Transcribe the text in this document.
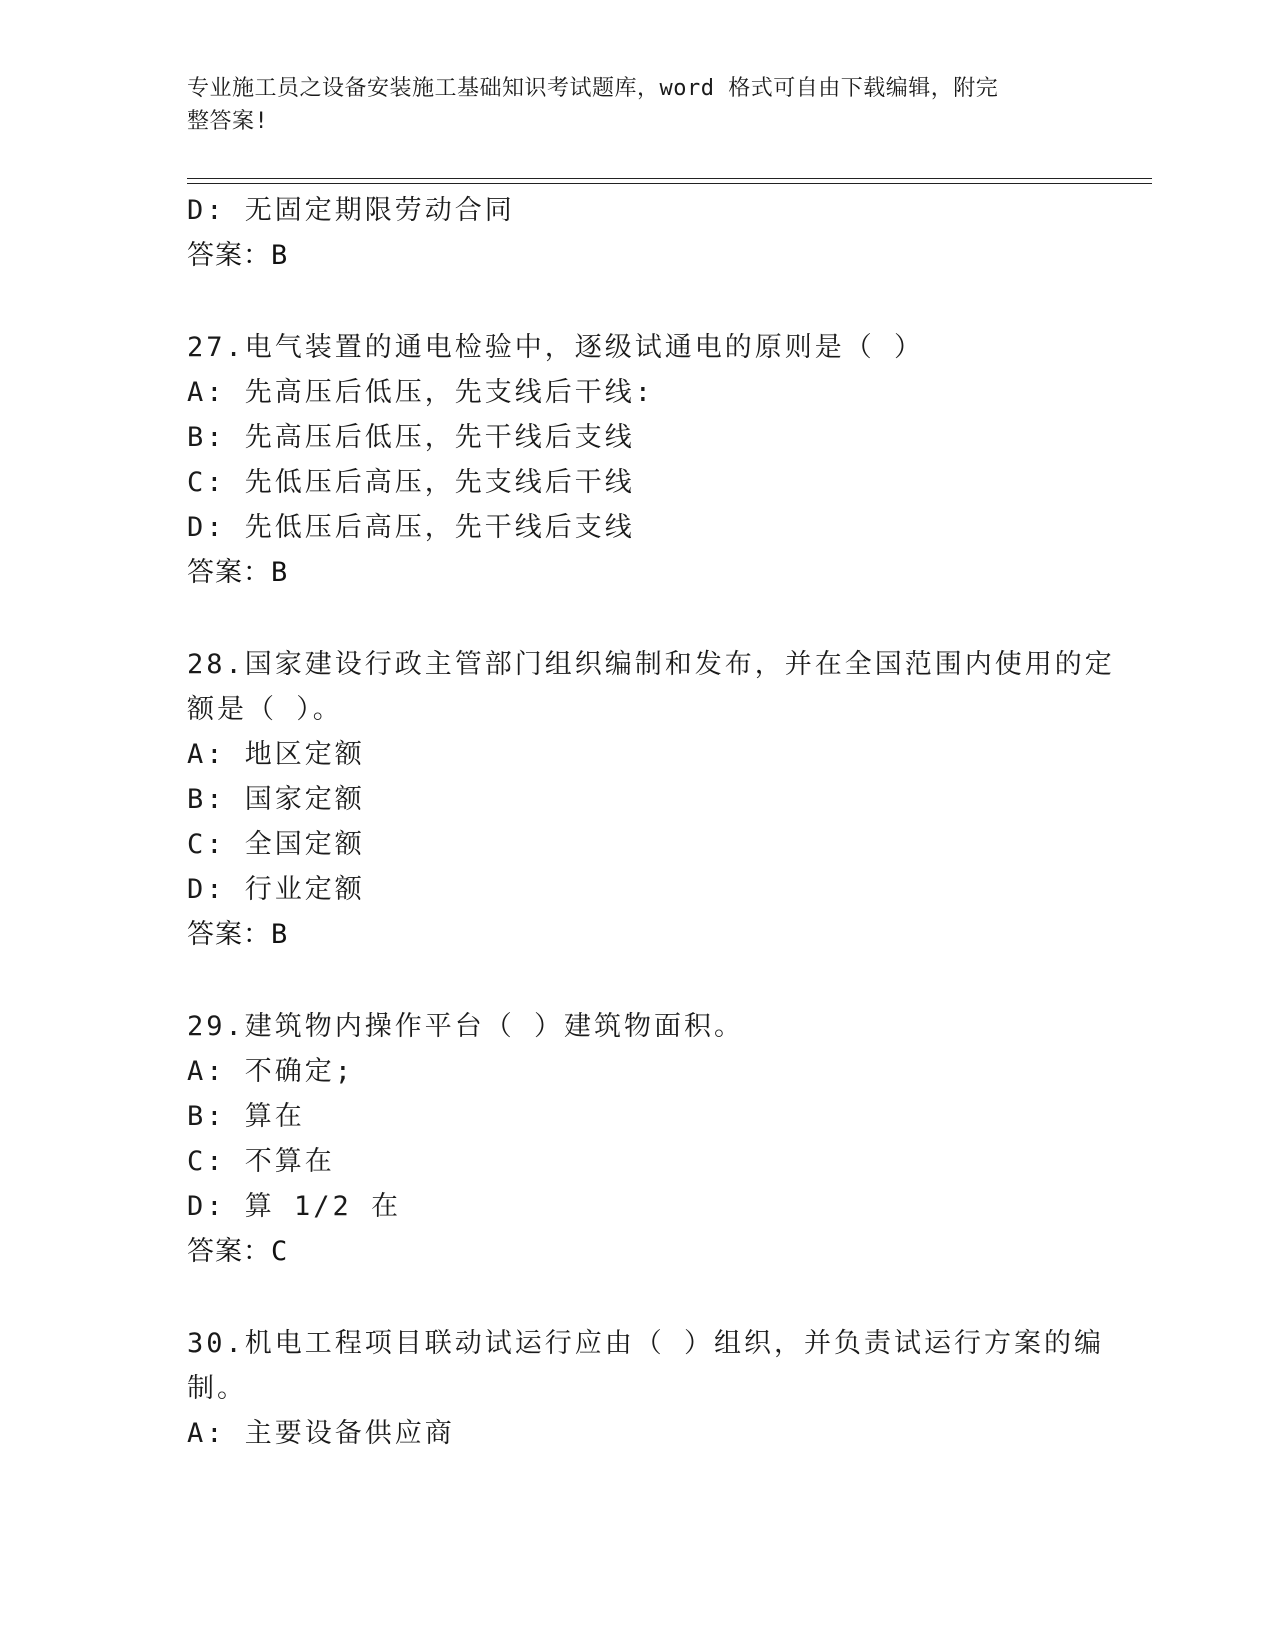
专业施工员之设备安装施工基础知识考试题库，word 格式可自由下载编辑，附完
整答案!
D: 无固定期限劳动合同
答案：B
27.电气装置的通电检验中，逐级试通电的原则是（ ）
A: 先高压后低压，先支线后干线:
B: 先高压后低压，先干线后支线
C: 先低压后高压，先支线后干线
D: 先低压后高压，先干线后支线
答案：B
28.国家建设行政主管部门组织编制和发布，并在全国范围内使用的定
额是（ ）。
A: 地区定额
B: 国家定额
C: 全国定额
D: 行业定额
答案：B
29.建筑物内操作平台（ ）建筑物面积。
A: 不确定;
B: 算在
C: 不算在
D: 算 1/2 在
答案：C
30.机电工程项目联动试运行应由（ ）组织，并负责试运行方案的编
制。
A: 主要设备供应商
